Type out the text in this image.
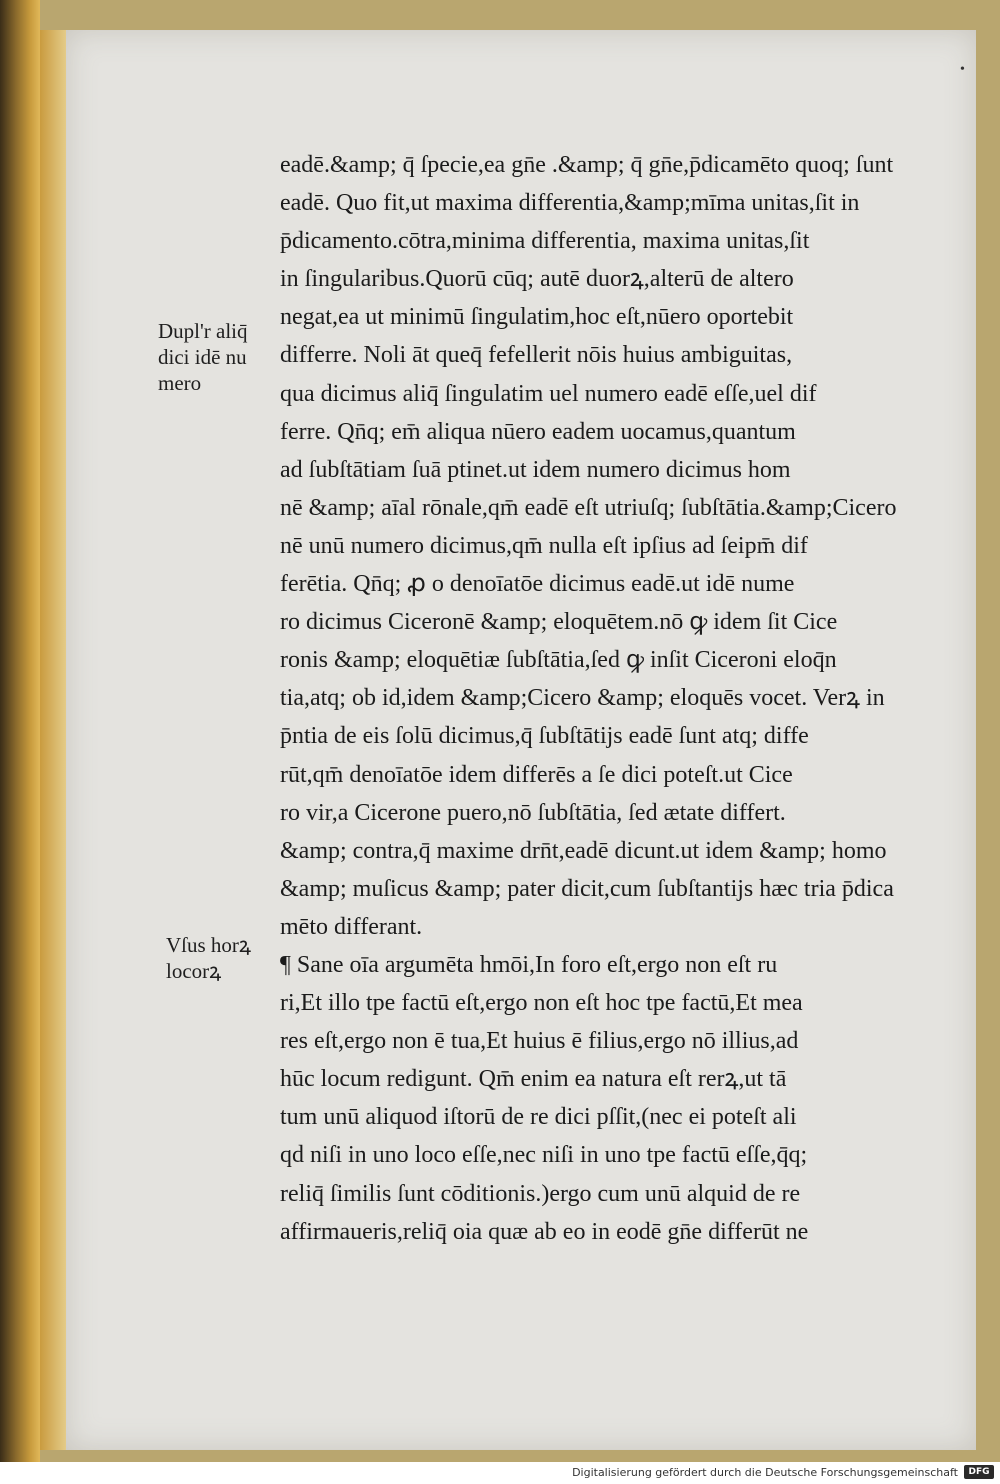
•
Dupl'r aliq̄
dici idē nu
mero
Vſus horꝝ
locorꝝ
eadē.&amp; q̄ ſpecie,ea gn̄e .&amp; q̄ gn̄e,p̄dicamēto quoq; ſunt
eadē. Quo fit,ut maxima differentia,&amp;mīma unitas,ſit in
p̄dicamento.cōtra,minima differentia, maxima unitas,ſit
in ſingularibus.Quorū cūq; autē duorꝝ,alterū de altero
negat,ea ut minimū ſingulatim,hoc eſt,nūero oportebit
differre. Noli āt queq̄ fefellerit nōis huius ambiguitas,
qua dicimus aliq̄ ſingulatim uel numero eadē eſſe,uel dif
ferre. Qn̄q; em̄ aliqua nūero eadem uocamus,quantum
ad ſubſtātiam ſuā ptinet.ut idem numero dicimus hom
nē &amp; aīal rōnale,qm̄ eadē eſt utriuſq; ſubſtātia.&amp;Cicero
nē unū numero dicimus,qm̄ nulla eſt ipſius ad ſeipm̄ dif
ferētia. Qn̄q; ꝓ o denoīatōe dicimus eadē.ut idē nume
ro dicimus Ciceronē &amp; eloquētem.nō ꝙ idem ſit Cice
ronis &amp; eloquētiæ ſubſtātia,ſed ꝙ inſit Ciceroni eloq̄n
tia,atq; ob id,idem &amp;Cicero &amp; eloquēs vocet. Verꝝ in
p̄ntia de eis ſolū dicimus,q̄ ſubſtātijs eadē ſunt atq; diffe
rūt,qm̄ denoīatōe idem differēs a ſe dici poteſt.ut Cice
ro vir,a Cicerone puero,nō ſubſtātia, ſed ætate differt.
&amp; contra,q̄ maxime drn̄t,eadē dicunt.ut idem &amp; homo
&amp; muſicus &amp; pater dicit,cum ſubſtantijs hæc tria p̄dica
mēto differant.
¶ Sane oīa argumēta hmōi,In foro eſt,ergo non eſt ru
ri,Et illo tpe factū eſt,ergo non eſt hoc tpe factū,Et mea
res eſt,ergo non ē tua,Et huius ē filius,ergo nō illius,ad
hūc locum redigunt. Qm̄ enim ea natura eſt rerꝝ,ut tā
tum unū aliquod iſtorū de re dici pſſit,(nec ei poteſt ali
qd niſi in uno loco eſſe,nec niſi in uno tpe factū eſſe,q̄q;
reliq̄ ſimilis ſunt cōditionis.)ergo cum unū alquid de re
affirmaueris,reliq̄ oia quæ ab eo in eodē gn̄e differūt ne
Digitalisierung gefördert durch die Deutsche Forschungsgemeinschaft	DFG
